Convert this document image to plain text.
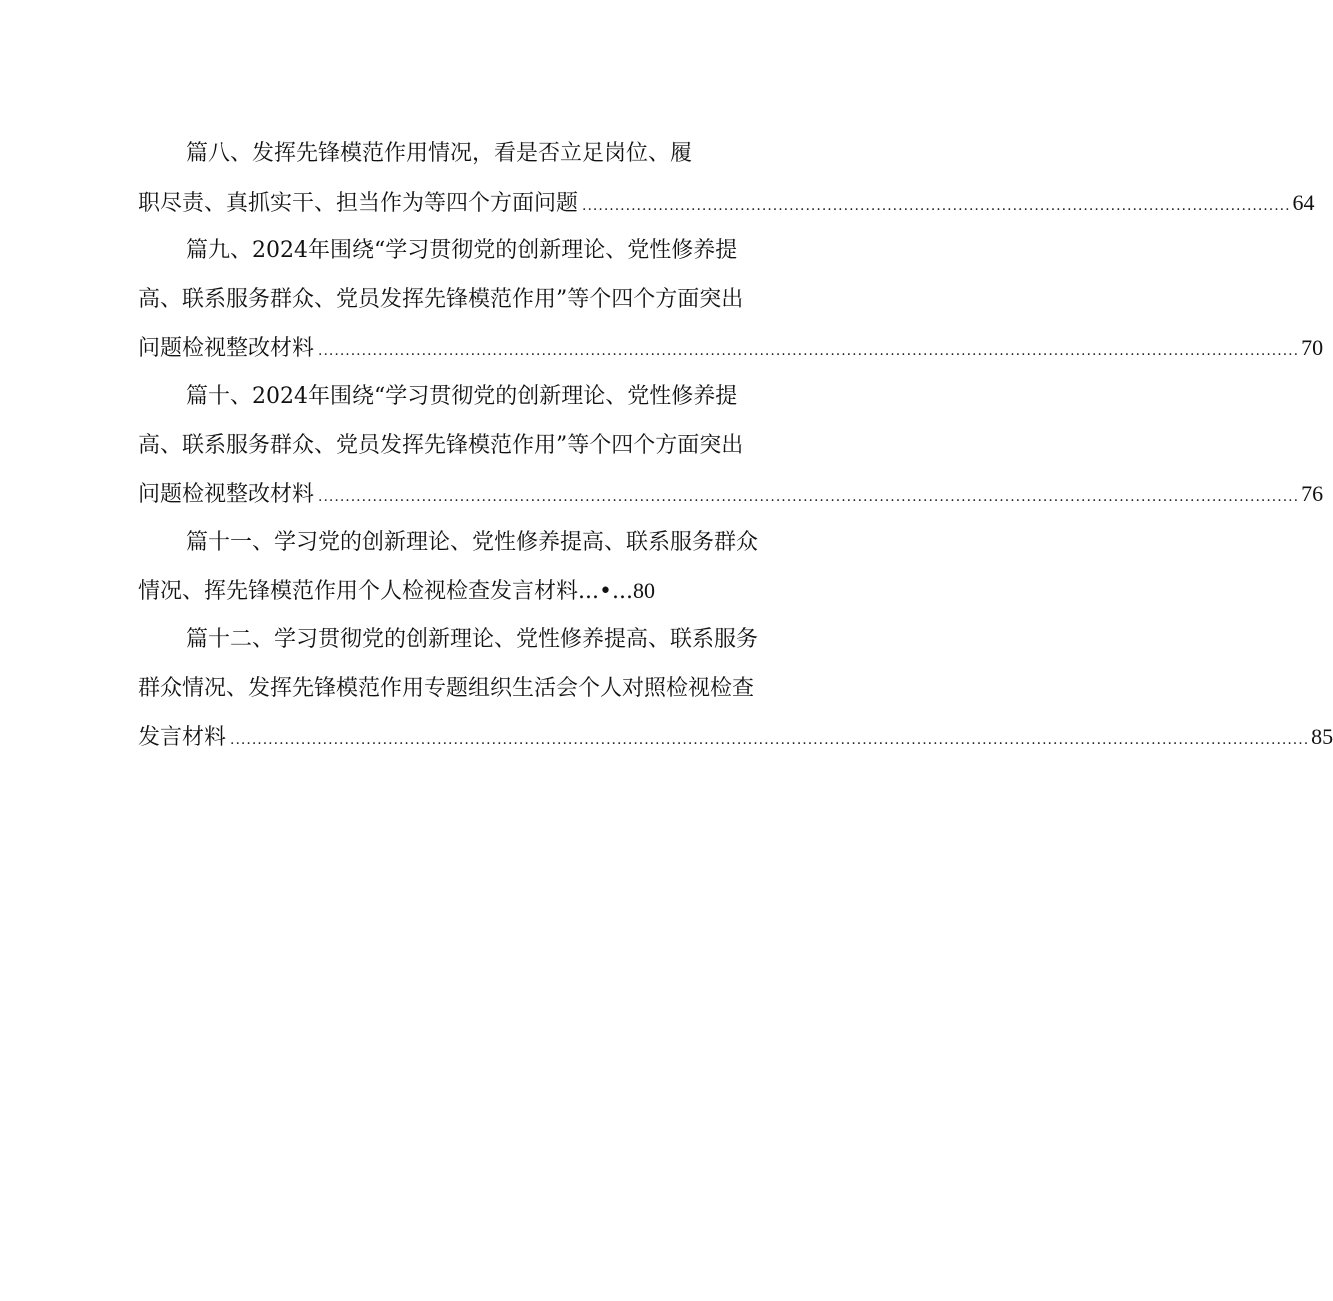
篇八、发挥先锋模范作用情况，看是否立足岗位、履
职尽责、真抓实干、担当作为等四个方面问题 .................................................................................................................................. 64
篇九、2024年围绕“学习贯彻党的创新理论、党性修养提
高、联系服务群众、党员发挥先锋模范作用”等个四个方面突出
问题检视整改材料 .................................................................................................................................................................................... 70
篇十、2024年围绕“学习贯彻党的创新理论、党性修养提
高、联系服务群众、党员发挥先锋模范作用”等个四个方面突出
问题检视整改材料 .................................................................................................................................................................................... 76
篇十一、学习党的创新理论、党性修养提高、联系服务群众
情况、挥先锋模范作用个人检视检查发言材料 ...•... 80
篇十二、学习贯彻党的创新理论、党性修养提高、联系服务
群众情况、发挥先锋模范作用专题组织生活会个人对照检视检查
发言材料 ...................................................................................................................................................................................................... 85
